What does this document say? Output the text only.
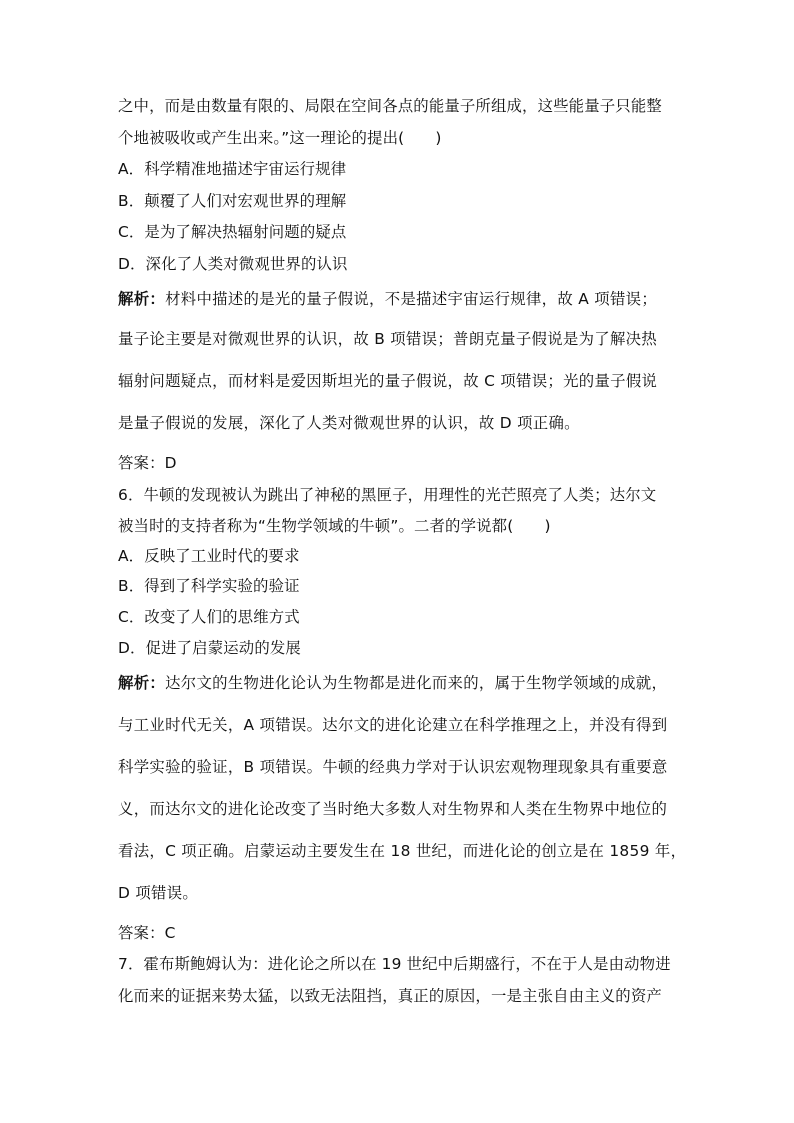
之中，而是由数量有限的、局限在空间各点的能量子所组成，这些能量子只能整
个地被吸收或产生出来。”这一理论的提出(　　)
A．科学精准地描述宇宙运行规律
B．颠覆了人们对宏观世界的理解
C．是为了解决热辐射问题的疑点
D．深化了人类对微观世界的认识
解析：材料中描述的是光的量子假说，不是描述宇宙运行规律，故 A 项错误；
量子论主要是对微观世界的认识，故 B 项错误；普朗克量子假说是为了解决热
辐射问题疑点，而材料是爱因斯坦光的量子假说，故 C 项错误；光的量子假说
是量子假说的发展，深化了人类对微观世界的认识，故 D 项正确。
答案：D
6．牛顿的发现被认为跳出了神秘的黑匣子，用理性的光芒照亮了人类；达尔文
被当时的支持者称为“生物学领域的牛顿”。二者的学说都(　　)
A．反映了工业时代的要求
B．得到了科学实验的验证
C．改变了人们的思维方式
D．促进了启蒙运动的发展
解析：达尔文的生物进化论认为生物都是进化而来的，属于生物学领域的成就，
与工业时代无关，A 项错误。达尔文的进化论建立在科学推理之上，并没有得到
科学实验的验证，B 项错误。牛顿的经典力学对于认识宏观物理现象具有重要意
义，而达尔文的进化论改变了当时绝大多数人对生物界和人类在生物界中地位的
看法，C 项正确。启蒙运动主要发生在 18 世纪，而进化论的创立是在 1859 年，
D 项错误。
答案：C
7．霍布斯鲍姆认为：进化论之所以在 19 世纪中后期盛行，不在于人是由动物进
化而来的证据来势太猛，以致无法阻挡，真正的原因，一是主张自由主义的资产
